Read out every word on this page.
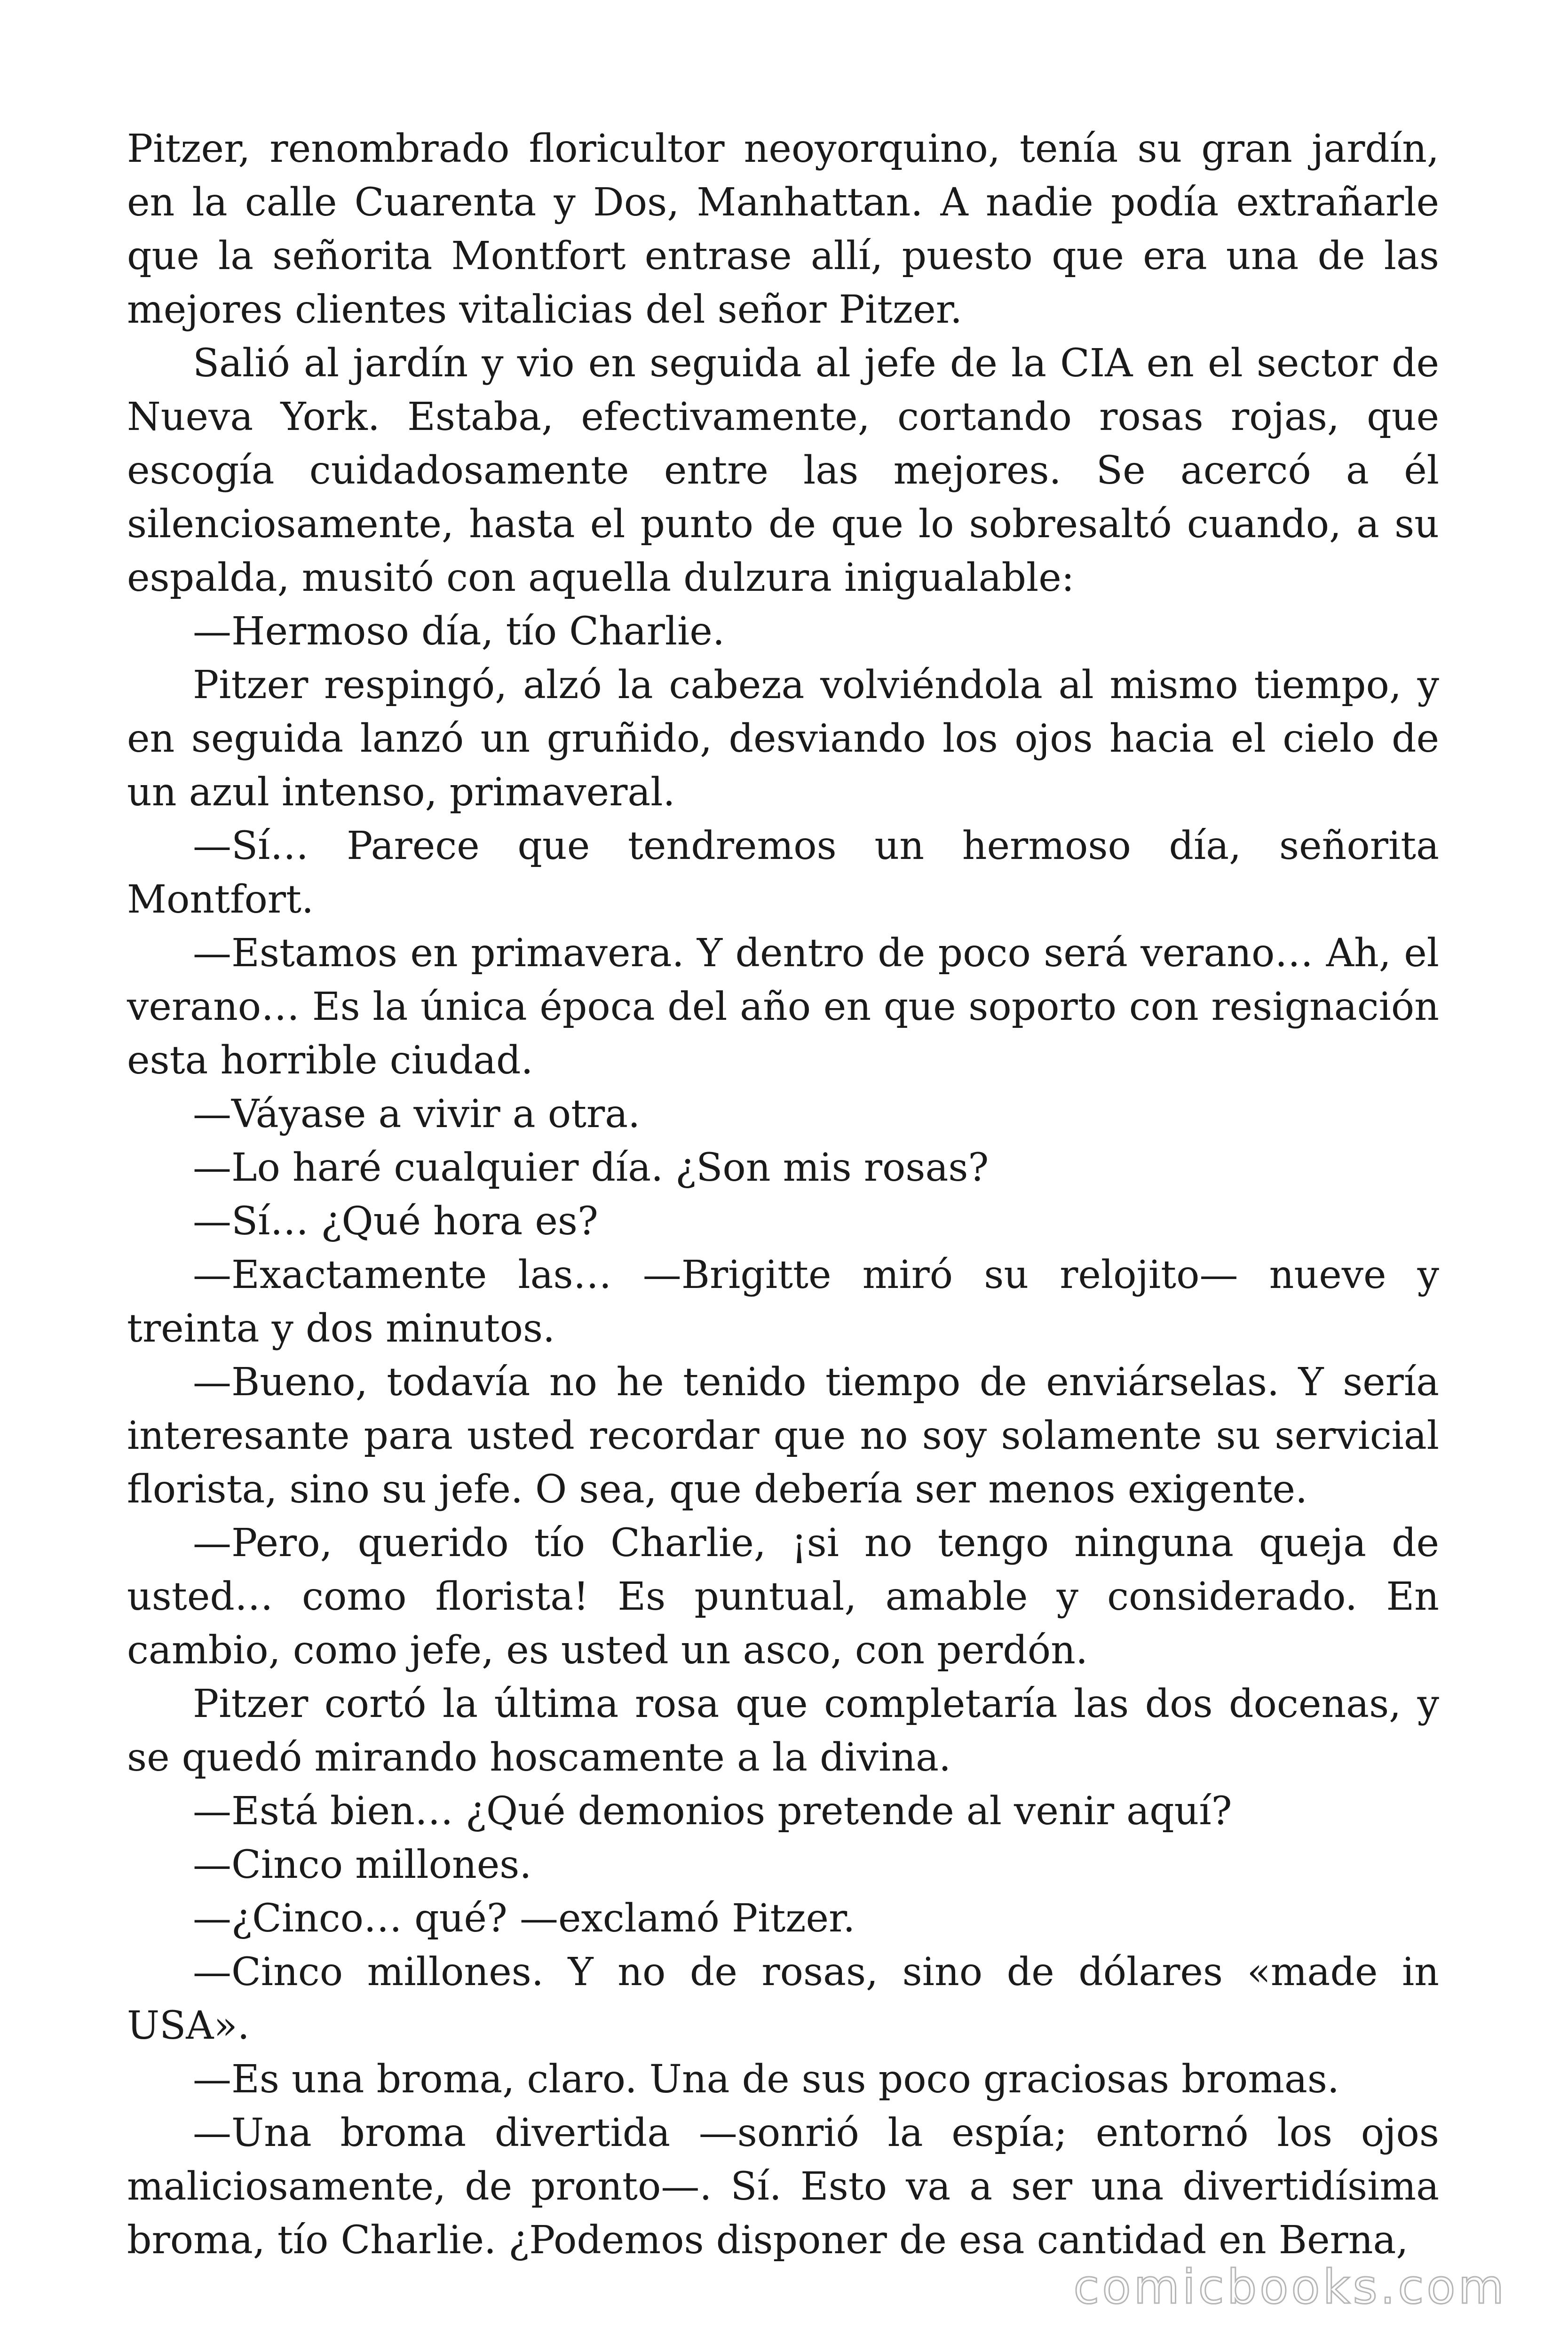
Pitzer, renombrado floricultor neoyorquino, tenía su gran jardín, en la calle Cuarenta y Dos, Manhattan. A nadie podía extrañarle que la señorita Montfort entrase allí, puesto que era una de las mejores clientes vitalicias del señor Pitzer.

Salió al jardín y vio en seguida al jefe de la CIA en el sector de Nueva York. Estaba, efectivamente, cortando rosas rojas, que escogía cuidadosamente entre las mejores. Se acercó a él silenciosamente, hasta el punto de que lo sobresaltó cuando, a su espalda, musitó con aquella dulzura inigualable:

—Hermoso día, tío Charlie.

Pitzer respingó, alzó la cabeza volviéndola al mismo tiempo, y en seguida lanzó un gruñido, desviando los ojos hacia el cielo de un azul intenso, primaveral.

—Sí… Parece que tendremos un hermoso día, señorita Montfort.

—Estamos en primavera. Y dentro de poco será verano… Ah, el verano… Es la única época del año en que soporto con resignación esta horrible ciudad.

—Váyase a vivir a otra.

—Lo haré cualquier día. ¿Son mis rosas?

—Sí… ¿Qué hora es?

—Exactamente las… —Brigitte miró su relojito— nueve y treinta y dos minutos.

—Bueno, todavía no he tenido tiempo de enviárselas. Y sería interesante para usted recordar que no soy solamente su servicial florista, sino su jefe. O sea, que debería ser menos exigente.

—Pero, querido tío Charlie, ¡si no tengo ninguna queja de usted… como florista! Es puntual, amable y considerado. En cambio, como jefe, es usted un asco, con perdón.

Pitzer cortó la última rosa que completaría las dos docenas, y se quedó mirando hoscamente a la divina.

—Está bien… ¿Qué demonios pretende al venir aquí?

—Cinco millones.

—¿Cinco… qué? —exclamó Pitzer.

—Cinco millones. Y no de rosas, sino de dólares «made in USA».

—Es una broma, claro. Una de sus poco graciosas bromas.

—Una broma divertida —sonrió la espía; entornó los ojos maliciosamente, de pronto—. Sí. Esto va a ser una divertidísima broma, tío Charlie. ¿Podemos disponer de esa cantidad en Berna,

comicbooks.com
